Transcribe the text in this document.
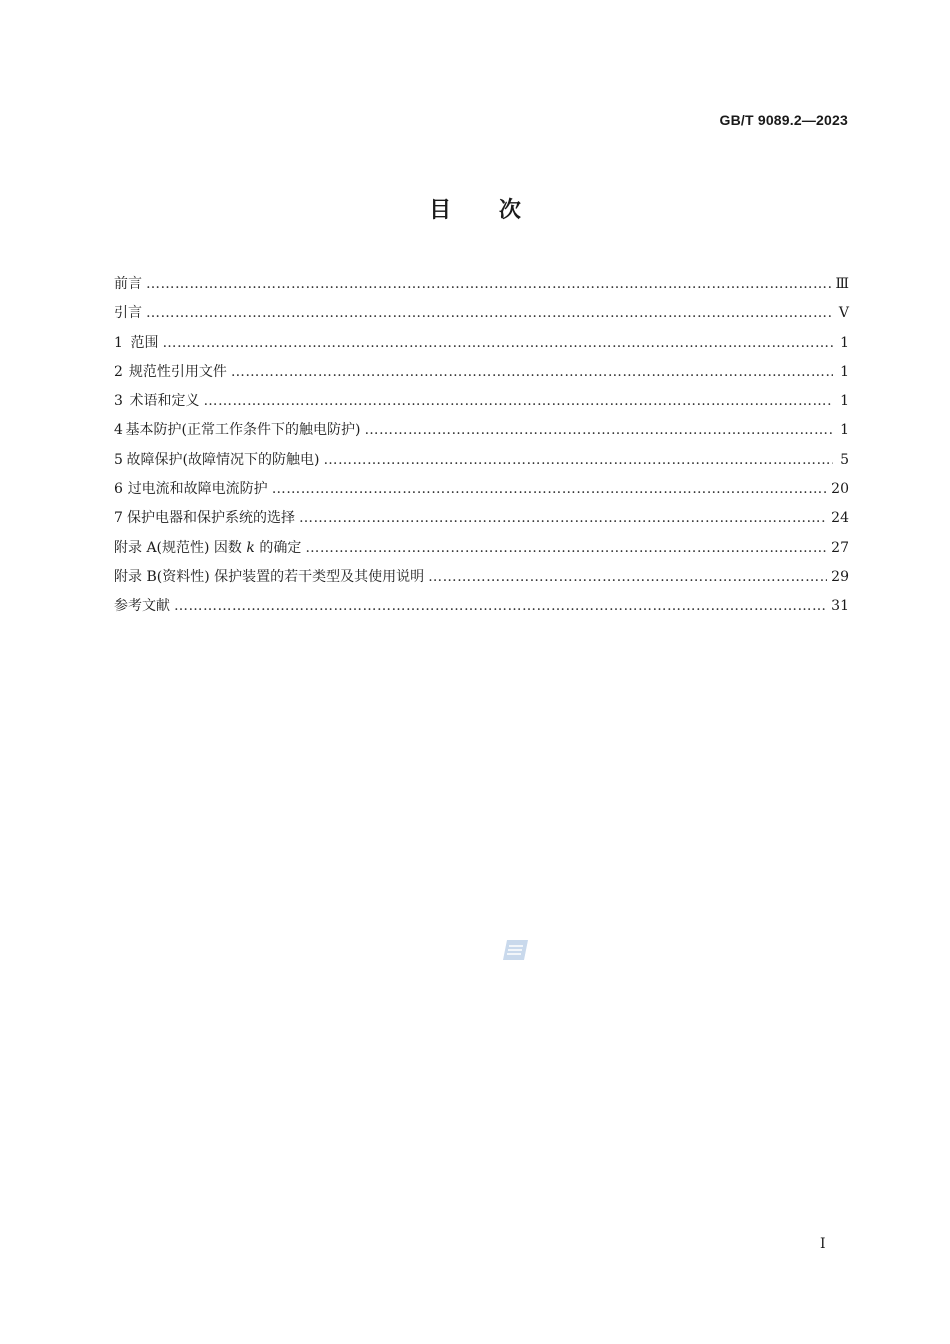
GB/T 9089.2—2023
目 次
前言 …………………………………………………………………………………………………………………………………………………………………………………………	Ⅲ
引言 …………………………………………………………………………………………………………………………………………………………………………………………	Ⅴ
1 范围 …………………………………………………………………………………………………………………………………………………………………………………………	1
2 规范性引用文件 …………………………………………………………………………………………………………………………………………………………………………………………	1
3 术语和定义 …………………………………………………………………………………………………………………………………………………………………………………………	1
4 基本防护(正常工作条件下的触电防护) …………………………………………………………………………………………………………………………………………………………………………………………	1
5 故障保护(故障情况下的防触电) …………………………………………………………………………………………………………………………………………………………………………………………	5
6 过电流和故障电流防护 …………………………………………………………………………………………………………………………………………………………………………………………	20
7 保护电器和保护系统的选择 …………………………………………………………………………………………………………………………………………………………………………………………	24
附录 A(规范性) 因数 k 的确定 …………………………………………………………………………………………………………………………………………………………………………………………	27
附录 B(资料性) 保护装置的若干类型及其使用说明 …………………………………………………………………………………………………………………………………………………………………………………………	29
参考文献 …………………………………………………………………………………………………………………………………………………………………………………………	31
Ⅰ
